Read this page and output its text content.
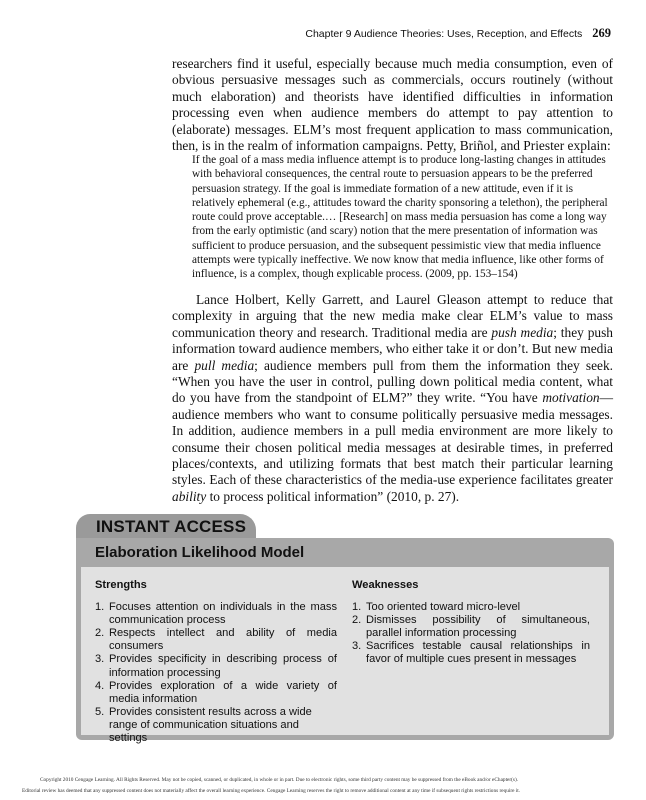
Chapter 9 Audience Theories: Uses, Reception, and Effects 269

researchers find it useful, especially because much media consumption, even of obvious persuasive messages such as commercials, occurs routinely (without much elaboration) and theorists have identified difficulties in information processing even when audience members do attempt to pay attention to (elaborate) messages. ELM’s most frequent application to mass communication, then, is in the realm of information campaigns. Petty, Briñol, and Priester explain:

If the goal of a mass media influence attempt is to produce long-lasting changes in attitudes with behavioral consequences, the central route to persuasion appears to be the preferred persuasion strategy. If the goal is immediate formation of a new attitude, even if it is relatively ephemeral (e.g., attitudes toward the charity sponsoring a telethon), the peripheral route could prove acceptable.… [Research] on mass media persuasion has come a long way from the early optimistic (and scary) notion that the mere presentation of information was sufficient to produce persuasion, and the subsequent pessimistic view that media influence attempts were typically ineffective. We now know that media influence, like other forms of influence, is a complex, though explicable process. (2009, pp. 153–154)

Lance Holbert, Kelly Garrett, and Laurel Gleason attempt to reduce that complexity in arguing that the new media make clear ELM’s value to mass communication theory and research. Traditional media are push media; they push information toward audience members, who either take it or don’t. But new media are pull media; audience members pull from them the information they seek. “When you have the user in control, pulling down political media content, what do you have from the standpoint of ELM?” they write. “You have motivation—audience members who want to consume politically persuasive media messages. In addition, audience members in a pull media environment are more likely to consume their chosen political media messages at desirable times, in preferred places/contexts, and utilizing formats that best match their particular learning styles. Each of these characteristics of the media-use experience facilitates greater ability to process political information” (2010, p. 27).

INSTANT ACCESS
Elaboration Likelihood Model
Strengths
1. Focuses attention on individuals in the mass communication process
2. Respects intellect and ability of media consumers
3. Provides specificity in describing process of information processing
4. Provides exploration of a wide variety of media information
5. Provides consistent results across a wide range of communication situations and settings
Weaknesses
1. Too oriented toward micro-level
2. Dismisses possibility of simultaneous, parallel information processing
3. Sacrifices testable causal relationships in favor of multiple cues present in messages
Copyright 2010 Cengage Learning. All Rights Reserved. May not be copied, scanned, or duplicated, in whole or in part. Due to electronic rights, some third party content may be suppressed from the eBook and/or eChapter(s).
Editorial review has deemed that any suppressed content does not materially affect the overall learning experience. Cengage Learning reserves the right to remove additional content at any time if subsequent rights restrictions require it.
